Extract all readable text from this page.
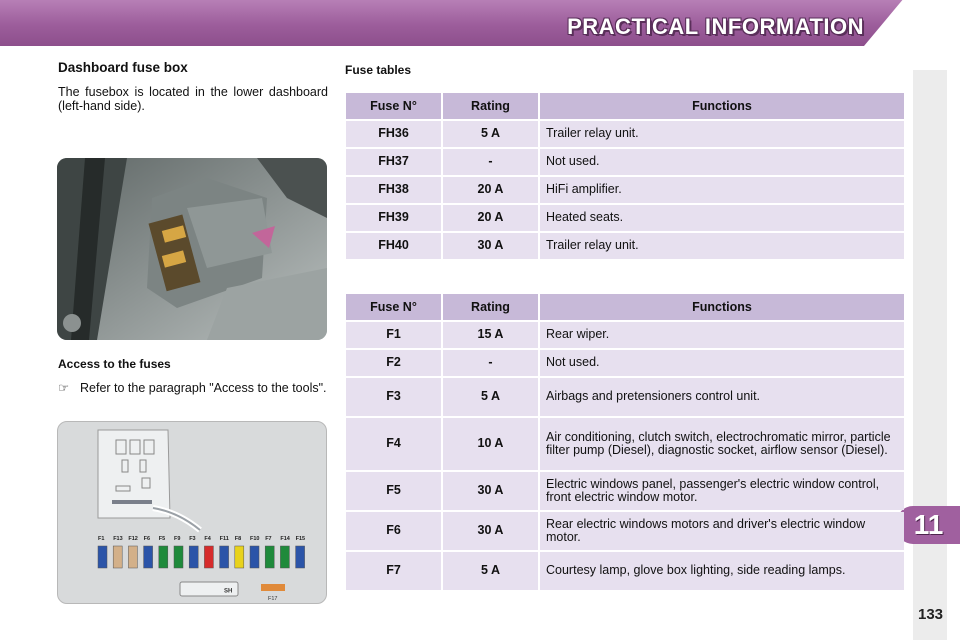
PRACTICAL INFORMATION
11
133
Dashboard fuse box

The fusebox is located in the lower dashboard (left-hand side).

Access to the fuses
☞ Refer to the paragraph "Access to the tools".
F1 F13 F12 F6 F5 F9 F3 F4 F11 F8 F10 F7 F14 F15
SH
F17
Fuse tables
Fuse N°	Rating	Functions
FH36	5 A	Trailer relay unit.
FH37	-	Not used.
FH38	20 A	HiFi amplifier.
FH39	20 A	Heated seats.
FH40	30 A	Trailer relay unit.
Fuse N°	Rating	Functions
F1	15 A	Rear wiper.
F2	-	Not used.
F3	5 A	Airbags and pretensioners control unit.
F4	10 A	Air conditioning, clutch switch, electrochromatic mirror, particle filter pump (Diesel), diagnostic socket, airflow sensor (Diesel).
F5	30 A	Electric windows panel, passenger's electric window control, front electric window motor.
F6	30 A	Rear electric windows motors and driver's electric window motor.
F7	5 A	Courtesy lamp, glove box lighting, side reading lamps.
